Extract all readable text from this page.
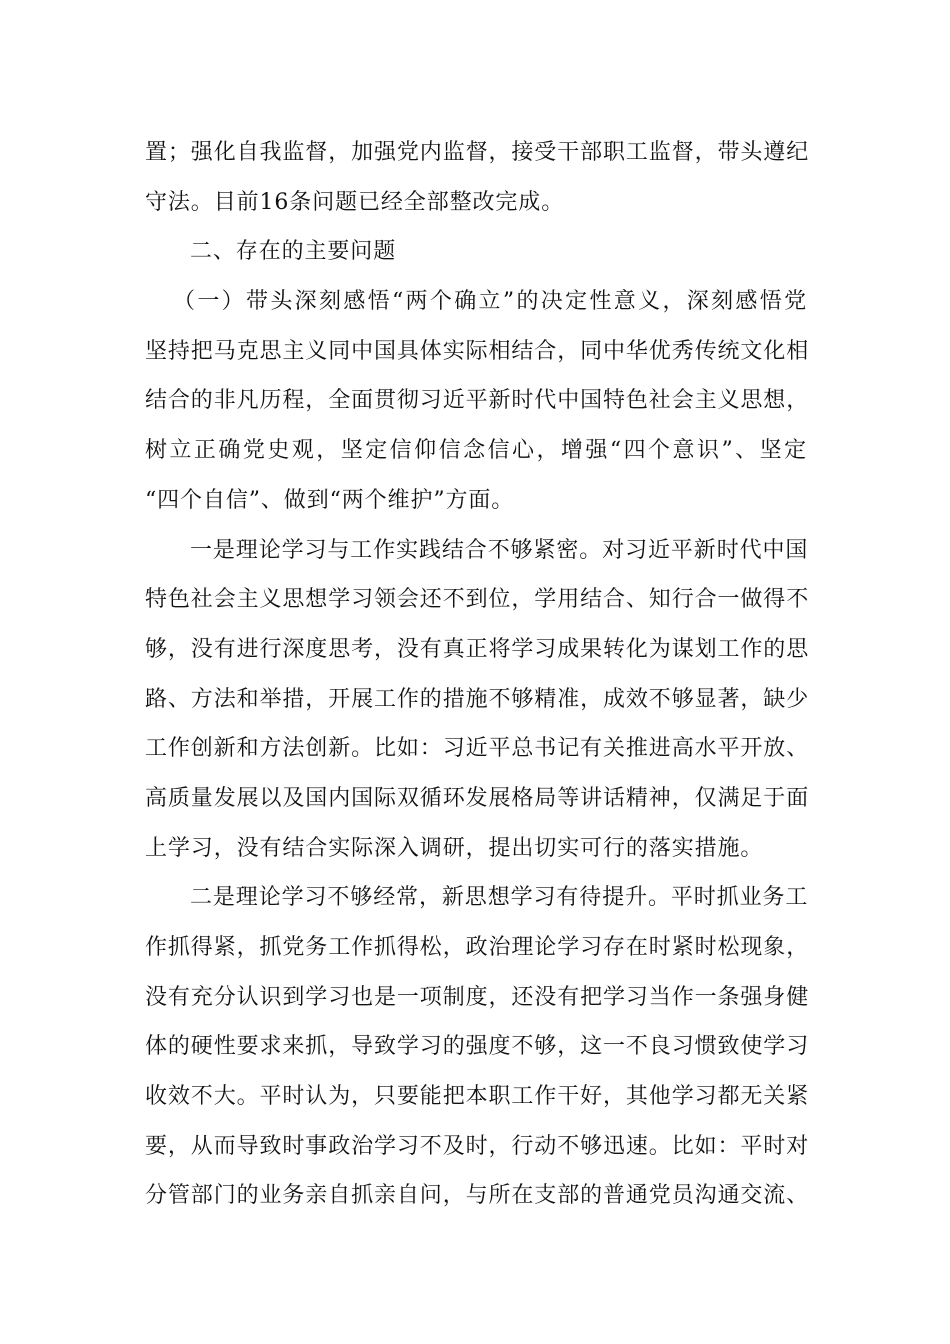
置；强化自我监督，加强党内监督，接受干部职工监督，带头遵纪

守法。目前16条问题已经全部整改完成。

二、存在的主要问题

（一）带头深刻感悟“两个确立”的决定性意义，深刻感悟党

坚持把马克思主义同中国具体实际相结合，同中华优秀传统文化相

结合的非凡历程，全面贯彻习近平新时代中国特色社会主义思想，

树立正确党史观，坚定信仰信念信心，增强“四个意识”、坚定

“四个自信”、做到“两个维护”方面。

一是理论学习与工作实践结合不够紧密。对习近平新时代中国

特色社会主义思想学习领会还不到位，学用结合、知行合一做得不

够，没有进行深度思考，没有真正将学习成果转化为谋划工作的思

路、方法和举措，开展工作的措施不够精准，成效不够显著，缺少

工作创新和方法创新。比如：习近平总书记有关推进高水平开放、

高质量发展以及国内国际双循环发展格局等讲话精神，仅满足于面

上学习，没有结合实际深入调研，提出切实可行的落实措施。

二是理论学习不够经常，新思想学习有待提升。平时抓业务工

作抓得紧，抓党务工作抓得松，政治理论学习存在时紧时松现象，

没有充分认识到学习也是一项制度，还没有把学习当作一条强身健

体的硬性要求来抓，导致学习的强度不够，这一不良习惯致使学习

收效不大。平时认为，只要能把本职工作干好，其他学习都无关紧

要，从而导致时事政治学习不及时，行动不够迅速。比如：平时对

分管部门的业务亲自抓亲自问，与所在支部的普通党员沟通交流、
